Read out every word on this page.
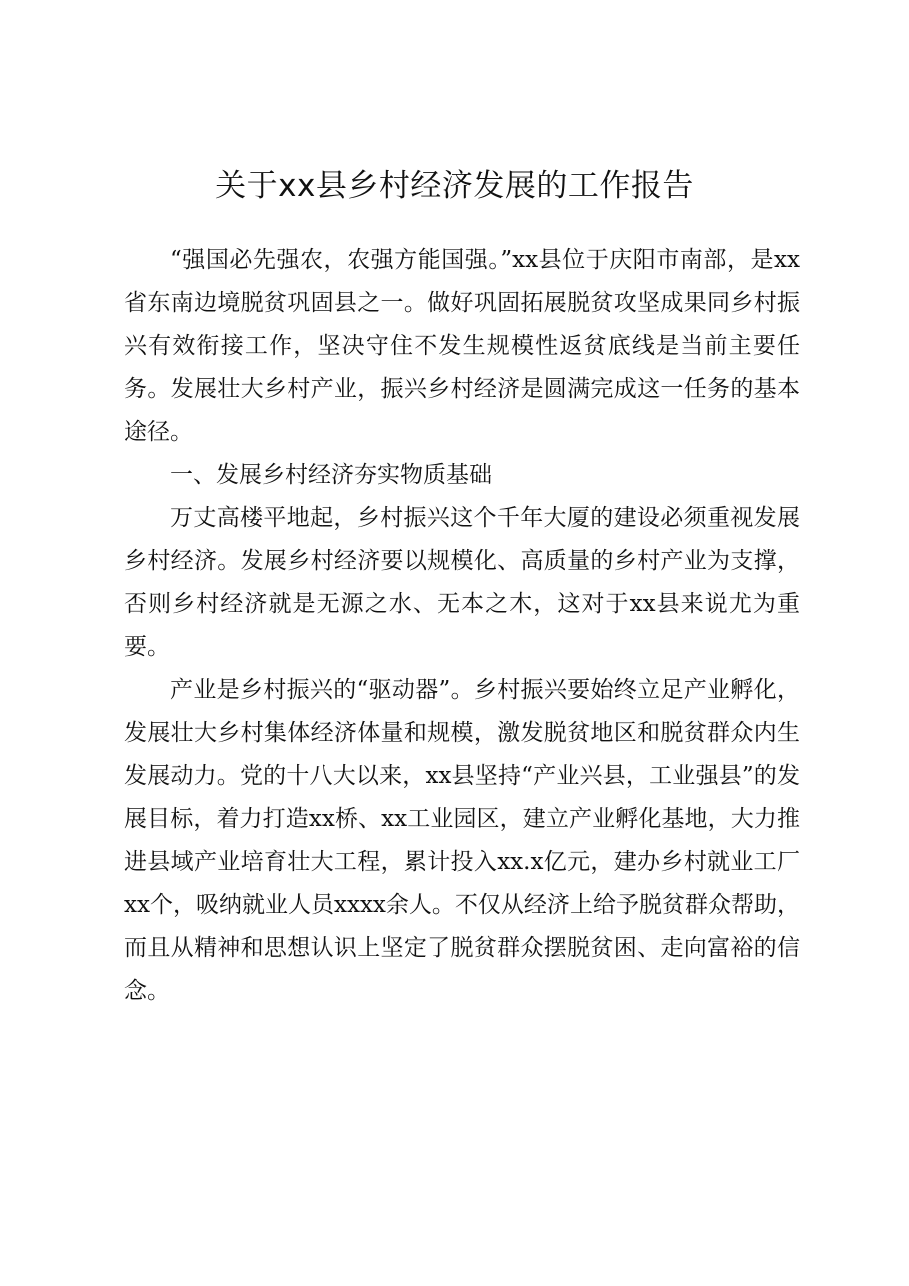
关于xx县乡村经济发展的工作报告

“强国必先强农，农强方能国强。”xx县位于庆阳市南部，是xx省东南边境脱贫巩固县之一。做好巩固拓展脱贫攻坚成果同乡村振兴有效衔接工作，坚决守住不发生规模性返贫底线是当前主要任务。发展壮大乡村产业，振兴乡村经济是圆满完成这一任务的基本途径。

一、发展乡村经济夯实物质基础

万丈高楼平地起，乡村振兴这个千年大厦的建设必须重视发展乡村经济。发展乡村经济要以规模化、高质量的乡村产业为支撑，否则乡村经济就是无源之水、无本之木，这对于xx县来说尤为重要。

产业是乡村振兴的“驱动器”。乡村振兴要始终立足产业孵化，发展壮大乡村集体经济体量和规模，激发脱贫地区和脱贫群众内生发展动力。党的十八大以来，xx县坚持“产业兴县，工业强县”的发展目标，着力打造xx桥、xx工业园区，建立产业孵化基地，大力推进县域产业培育壮大工程，累计投入xx.x亿元，建办乡村就业工厂xx个，吸纳就业人员xxxx余人。不仅从经济上给予脱贫群众帮助，而且从精神和思想认识上坚定了脱贫群众摆脱贫困、走向富裕的信念。
